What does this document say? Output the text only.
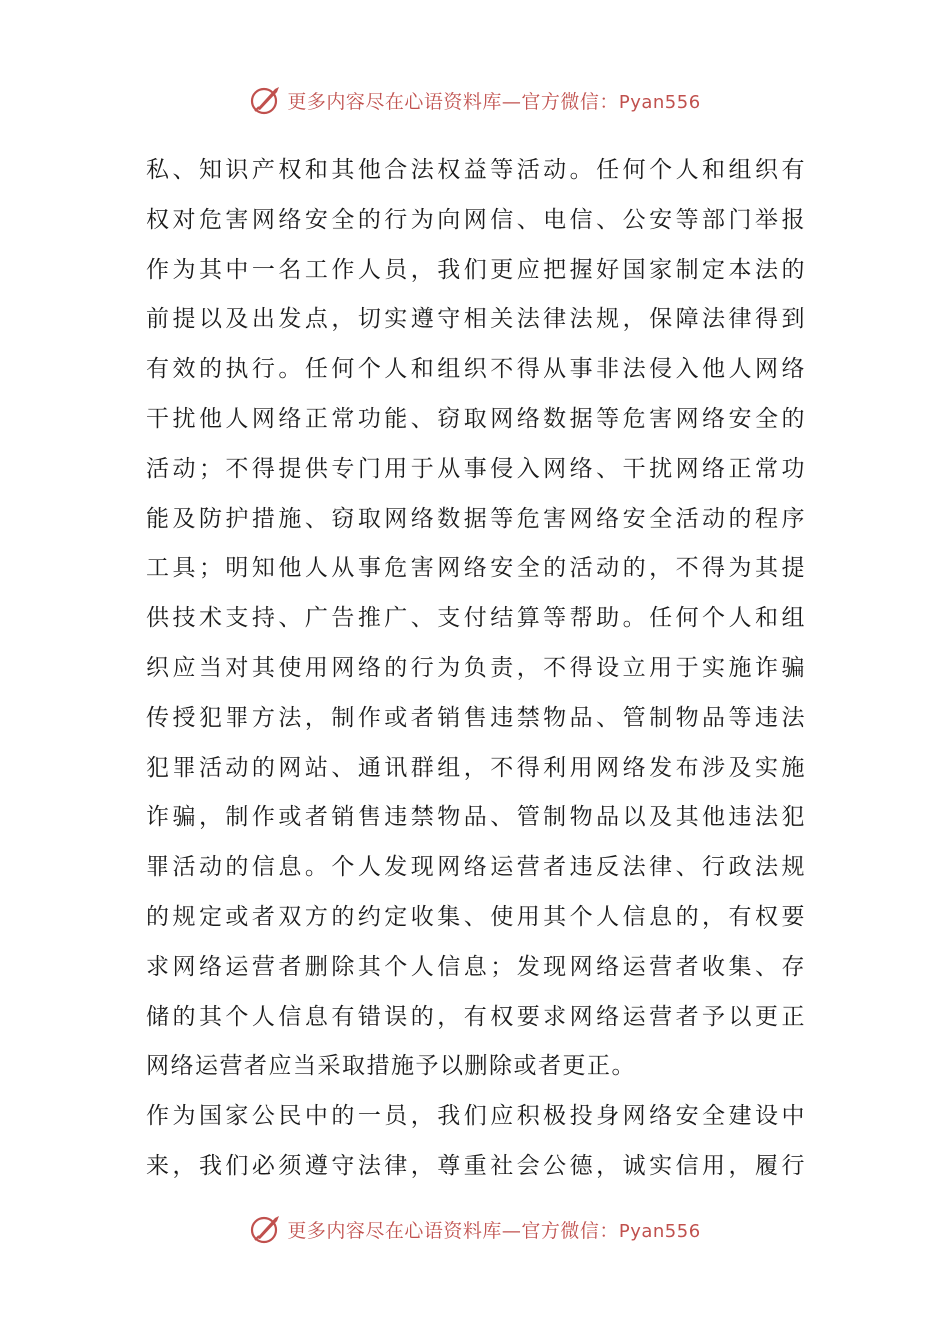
更多内容尽在心语资料库—官方微信：Pyan556

私、知识产权和其他合法权益等活动。任何个人和组织有

权对危害网络安全的行为向网信、电信、公安等部门举报

作为其中一名工作人员，我们更应把握好国家制定本法的

前提以及出发点，切实遵守相关法律法规，保障法律得到

有效的执行。任何个人和组织不得从事非法侵入他人网络

干扰他人网络正常功能、窃取网络数据等危害网络安全的

活动；不得提供专门用于从事侵入网络、干扰网络正常功

能及防护措施、窃取网络数据等危害网络安全活动的程序

工具；明知他人从事危害网络安全的活动的，不得为其提

供技术支持、广告推广、支付结算等帮助。任何个人和组

织应当对其使用网络的行为负责，不得设立用于实施诈骗

传授犯罪方法，制作或者销售违禁物品、管制物品等违法

犯罪活动的网站、通讯群组，不得利用网络发布涉及实施

诈骗，制作或者销售违禁物品、管制物品以及其他违法犯

罪活动的信息。个人发现网络运营者违反法律、行政法规

的规定或者双方的约定收集、使用其个人信息的，有权要

求网络运营者删除其个人信息；发现网络运营者收集、存

储的其个人信息有错误的，有权要求网络运营者予以更正

网络运营者应当采取措施予以删除或者更正。

作为国家公民中的一员，我们应积极投身网络安全建设中

来，我们必须遵守法律，尊重社会公德，诚实信用，履行

更多内容尽在心语资料库—官方微信：Pyan556
